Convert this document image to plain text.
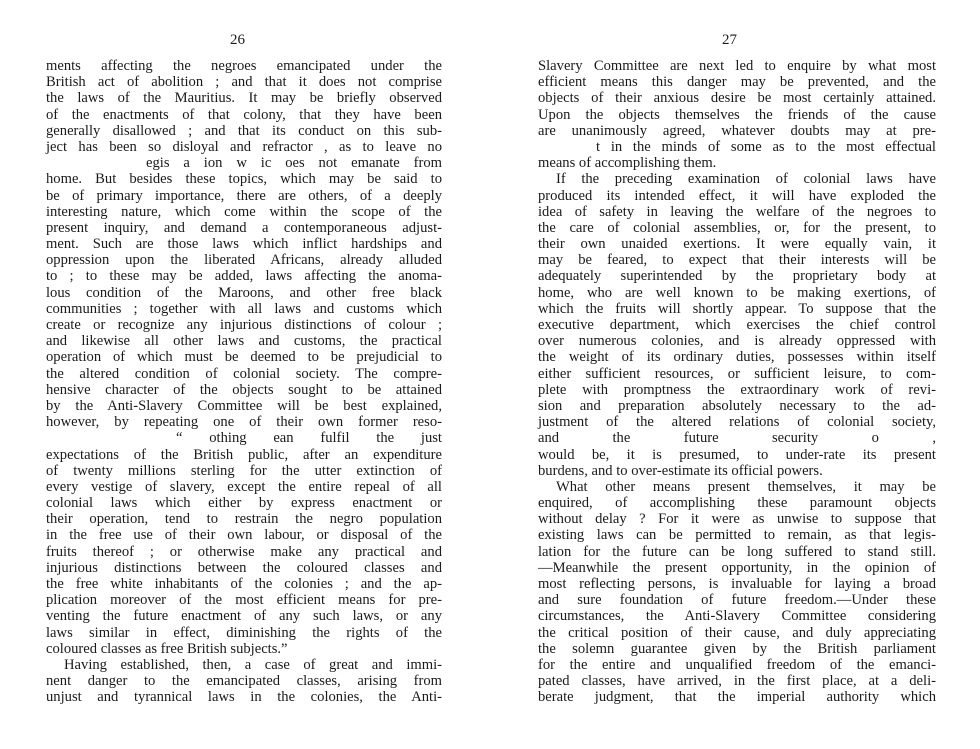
26
ments affecting the negroes emancipated under the
British act of abolition ; and that it does not comprise
the laws of the Mauritius. It may be briefly observed
of the enactments of that colony, that they have been
generally disallowed ; and that its conduct on this sub-
ject has been so disloyal and refractor , as to leave no
egis a ion w ic oes not emanate from
home. But besides these topics, which may be said to
be of primary importance, there are others, of a deeply
interesting nature, which come within the scope of the
present inquiry, and demand a contemporaneous adjust-
ment. Such are those laws which inflict hardships and
oppression upon the liberated Africans, already alluded
to ; to these may be added, laws affecting the anoma-
lous condition of the Maroons, and other free black
communities ; together with all laws and customs which
create or recognize any injurious distinctions of colour ;
and likewise all other laws and customs, the practical
operation of which must be deemed to be prejudicial to
the altered condition of colonial society. The compre-
hensive character of the objects sought to be attained
by the Anti-Slavery Committee will be best explained,
however, by repeating one of their own former reso-
“ othing ean fulfil the just
expectations of the British public, after an expenditure
of twenty millions sterling for the utter extinction of
every vestige of slavery, except the entire repeal of all
colonial laws which either by express enactment or
their operation, tend to restrain the negro population
in the free use of their own labour, or disposal of the
fruits thereof ; or otherwise make any practical and
injurious distinctions between the coloured classes and
the free white inhabitants of the colonies ; and the ap-
plication moreover of the most efficient means for pre-
venting the future enactment of any such laws, or any
laws similar in effect, diminishing the rights of the
coloured classes as free British subjects.”
Having established, then, a case of great and immi-
nent danger to the emancipated classes, arising from
unjust and tyrannical laws in the colonies, the Anti-
27
Slavery Committee are next led to enquire by what most
efficient means this danger may be prevented, and the
objects of their anxious desire be most certainly attained.
Upon the objects themselves the friends of the cause
are unanimously agreed, whatever doubts may at pre-
t in the minds of some as to the most effectual
means of accomplishing them.
If the preceding examination of colonial laws have
produced its intended effect, it will have exploded the
idea of safety in leaving the welfare of the negroes to
the care of colonial assemblies, or, for the present, to
their own unaided exertions. It were equally vain, it
may be feared, to expect that their interests will be
adequately superintended by the proprietary body at
home, who are well known to be making exertions, of
which the fruits will shortly appear. To suppose that the
executive department, which exercises the chief control
over numerous colonies, and is already oppressed with
the weight of its ordinary duties, possesses within itself
either sufficient resources, or sufficient leisure, to com-
plete with promptness the extraordinary work of revi-
sion and preparation absolutely necessary to the ad-
justment of the altered relations of colonial society,
and the future security o ,
would be, it is presumed, to under-rate its present
burdens, and to over-estimate its official powers.
What other means present themselves, it may be
enquired, of accomplishing these paramount objects
without delay ? For it were as unwise to suppose that
existing laws can be permitted to remain, as that legis-
lation for the future can be long suffered to stand still.
—Meanwhile the present opportunity, in the opinion of
most reflecting persons, is invaluable for laying a broad
and sure foundation of future freedom.—Under these
circumstances, the Anti-Slavery Committee considering
the critical position of their cause, and duly appreciating
the solemn guarantee given by the British parliament
for the entire and unqualified freedom of the emanci-
pated classes, have arrived, in the first place, at a deli-
berate judgment, that the imperial authority which
